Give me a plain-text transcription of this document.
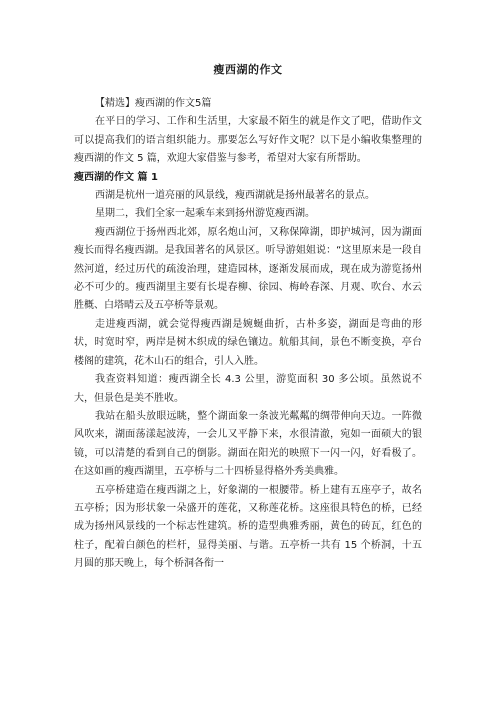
瘦西湖的作文

【精选】瘦西湖的作文5篇

在平日的学习、工作和生活里，大家最不陌生的就是作文了吧，借助作文可以提高我们的语言组织能力。那要怎么写好作文呢？以下是小编收集整理的瘦西湖的作文 5 篇，欢迎大家借鉴与参考，希望对大家有所帮助。

瘦西湖的作文 篇 1

西湖是杭州一道亮丽的风景线，瘦西湖就是扬州最著名的景点。

星期二，我们全家一起乘车来到扬州游览瘦西湖。

瘦西湖位于扬州西北郊，原名炮山河，又称保障湖，即护城河，因为湖面瘦长而得名瘦西湖。是我国著名的风景区。听导游姐姐说：“这里原来是一段自然河道，经过历代的疏浚治理，建造园林，逐渐发展而成，现在成为游览扬州必不可少的。瘦西湖里主要有长堤春柳、徐园、梅岭春深、月观、吹台、水云胜概、白塔晴云及五亭桥等景观。

走进瘦西湖，就会觉得瘦西湖是婉蜒曲折，古朴多姿，湖面是弯曲的形状，时宽时窄，两岸是树木织成的绿色镶边。航船其间，景色不断变换，亭台楼阁的建筑，花木山石的组合，引人入胜。

我查资料知道：瘦西湖全长 4.3 公里，游览面积 30 多公顷。虽然说不大，但景色是美不胜收。

我站在船头放眼远眺，整个湖面象一条波光粼粼的绸带伸向天边。一阵微风吹来，湖面荡漾起波涛，一会儿又平静下来，水很清澈，宛如一面硕大的银镜，可以清楚的看到自己的倒影。湖面在阳光的映照下一闪一闪，好看极了。在这如画的瘦西湖里，五亭桥与二十四桥显得格外秀美典雅。

五亭桥建造在瘦西湖之上，好象湖的一根腰带。桥上建有五座亭子，故名五亭桥；因为形状象一朵盛开的莲花，又称莲花桥。这座很具特色的桥，已经成为扬州风景线的一个标志性建筑。桥的造型典雅秀丽，黄色的砖瓦，红色的柱子，配着白颜色的栏杆，显得美丽、与谐。五亭桥一共有 15 个桥洞，十五月圆的那天晚上，每个桥洞各衔一
